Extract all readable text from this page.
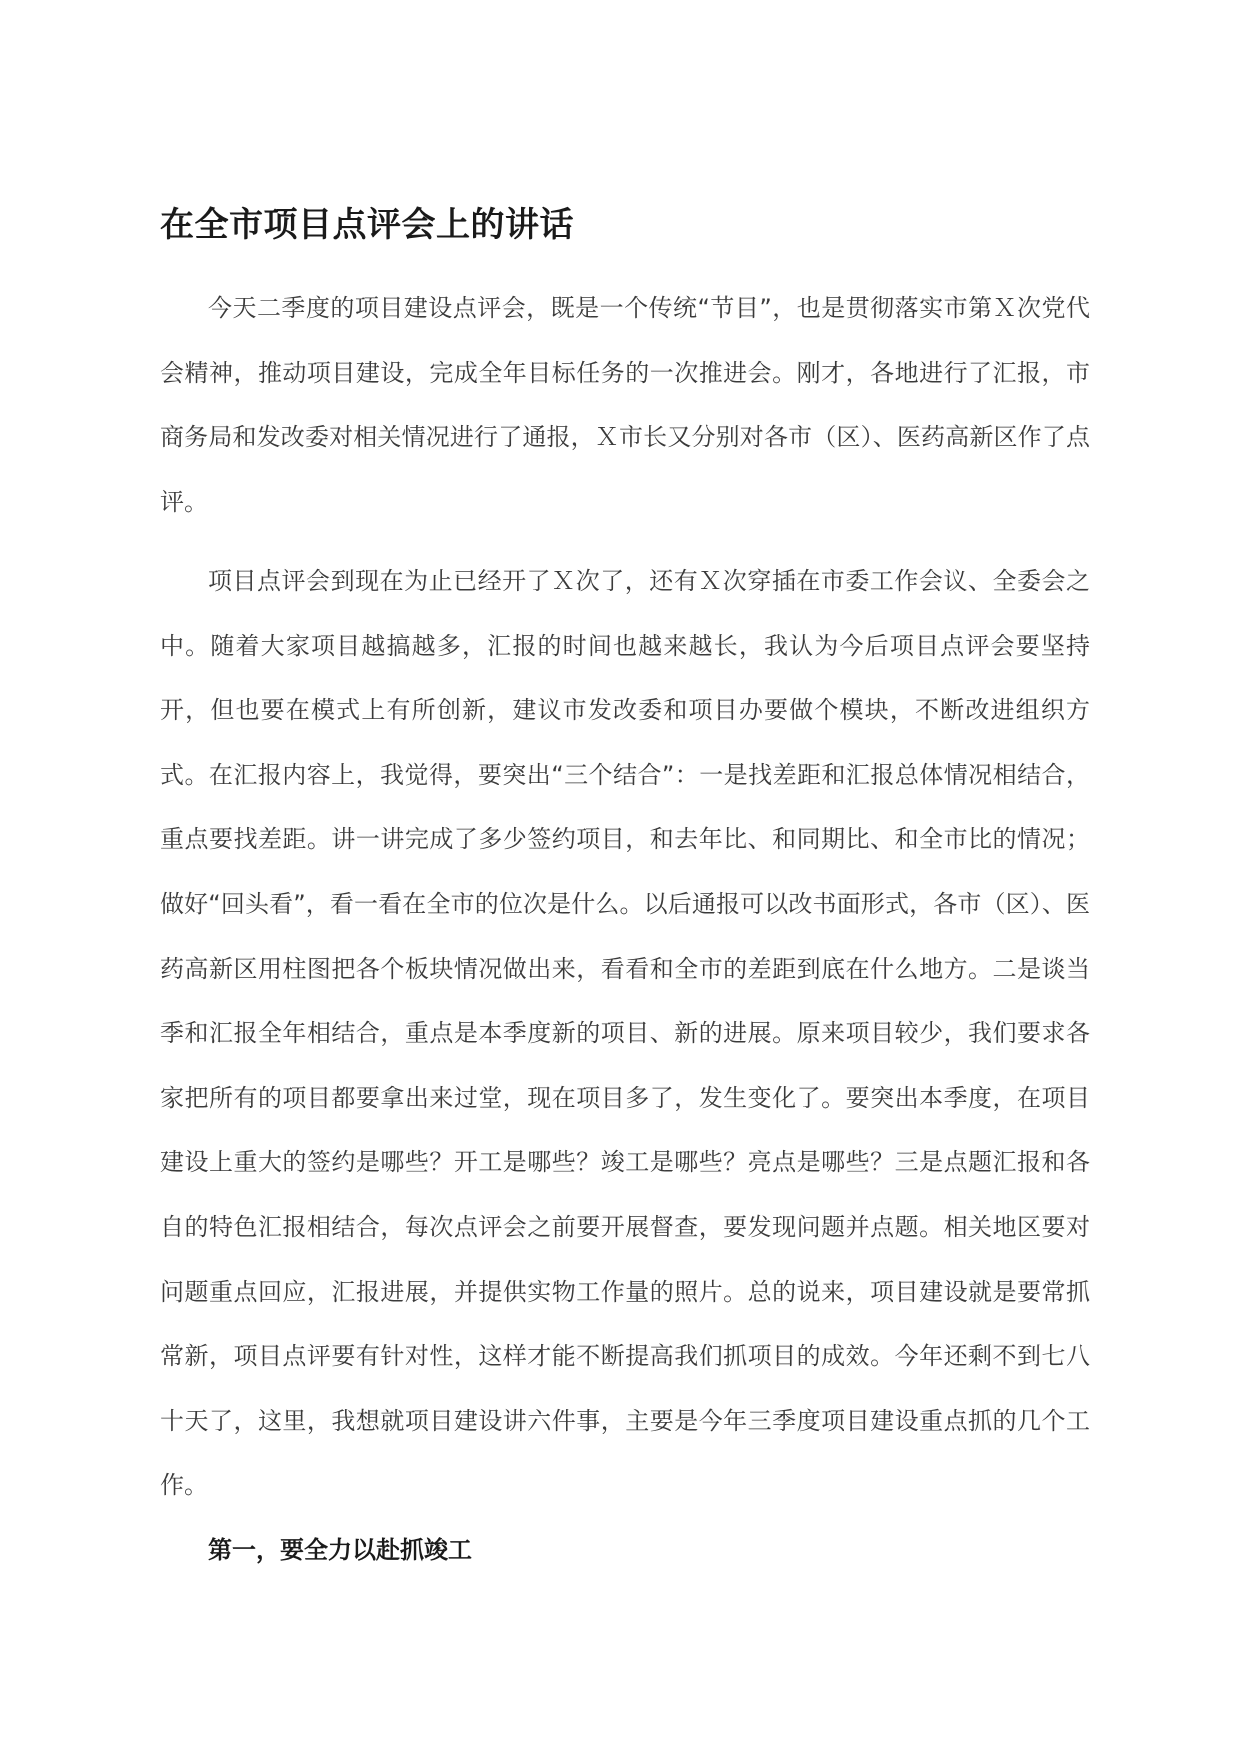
在全市项目点评会上的讲话

今天二季度的项目建设点评会，既是一个传统“节目”，也是贯彻落实市第Ｘ次党代会精神，推动项目建设，完成全年目标任务的一次推进会。刚才，各地进行了汇报，市商务局和发改委对相关情况进行了通报，Ｘ市长又分别对各市（区）、医药高新区作了点评。

项目点评会到现在为止已经开了Ｘ次了，还有Ｘ次穿插在市委工作会议、全委会之中。随着大家项目越搞越多，汇报的时间也越来越长，我认为今后项目点评会要坚持开，但也要在模式上有所创新，建议市发改委和项目办要做个模块，不断改进组织方式。在汇报内容上，我觉得，要突出“三个结合”：一是找差距和汇报总体情况相结合，重点要找差距。讲一讲完成了多少签约项目，和去年比、和同期比、和全市比的情况；做好“回头看”，看一看在全市的位次是什么。以后通报可以改书面形式，各市（区）、医药高新区用柱图把各个板块情况做出来，看看和全市的差距到底在什么地方。二是谈当季和汇报全年相结合，重点是本季度新的项目、新的进展。原来项目较少，我们要求各家把所有的项目都要拿出来过堂，现在项目多了，发生变化了。要突出本季度，在项目建设上重大的签约是哪些？开工是哪些？竣工是哪些？亮点是哪些？三是点题汇报和各自的特色汇报相结合，每次点评会之前要开展督查，要发现问题并点题。相关地区要对问题重点回应，汇报进展，并提供实物工作量的照片。总的说来，项目建设就是要常抓常新，项目点评要有针对性，这样才能不断提高我们抓项目的成效。今年还剩不到七八十天了，这里，我想就项目建设讲六件事，主要是今年三季度项目建设重点抓的几个工作。

第一，要全力以赴抓竣工
